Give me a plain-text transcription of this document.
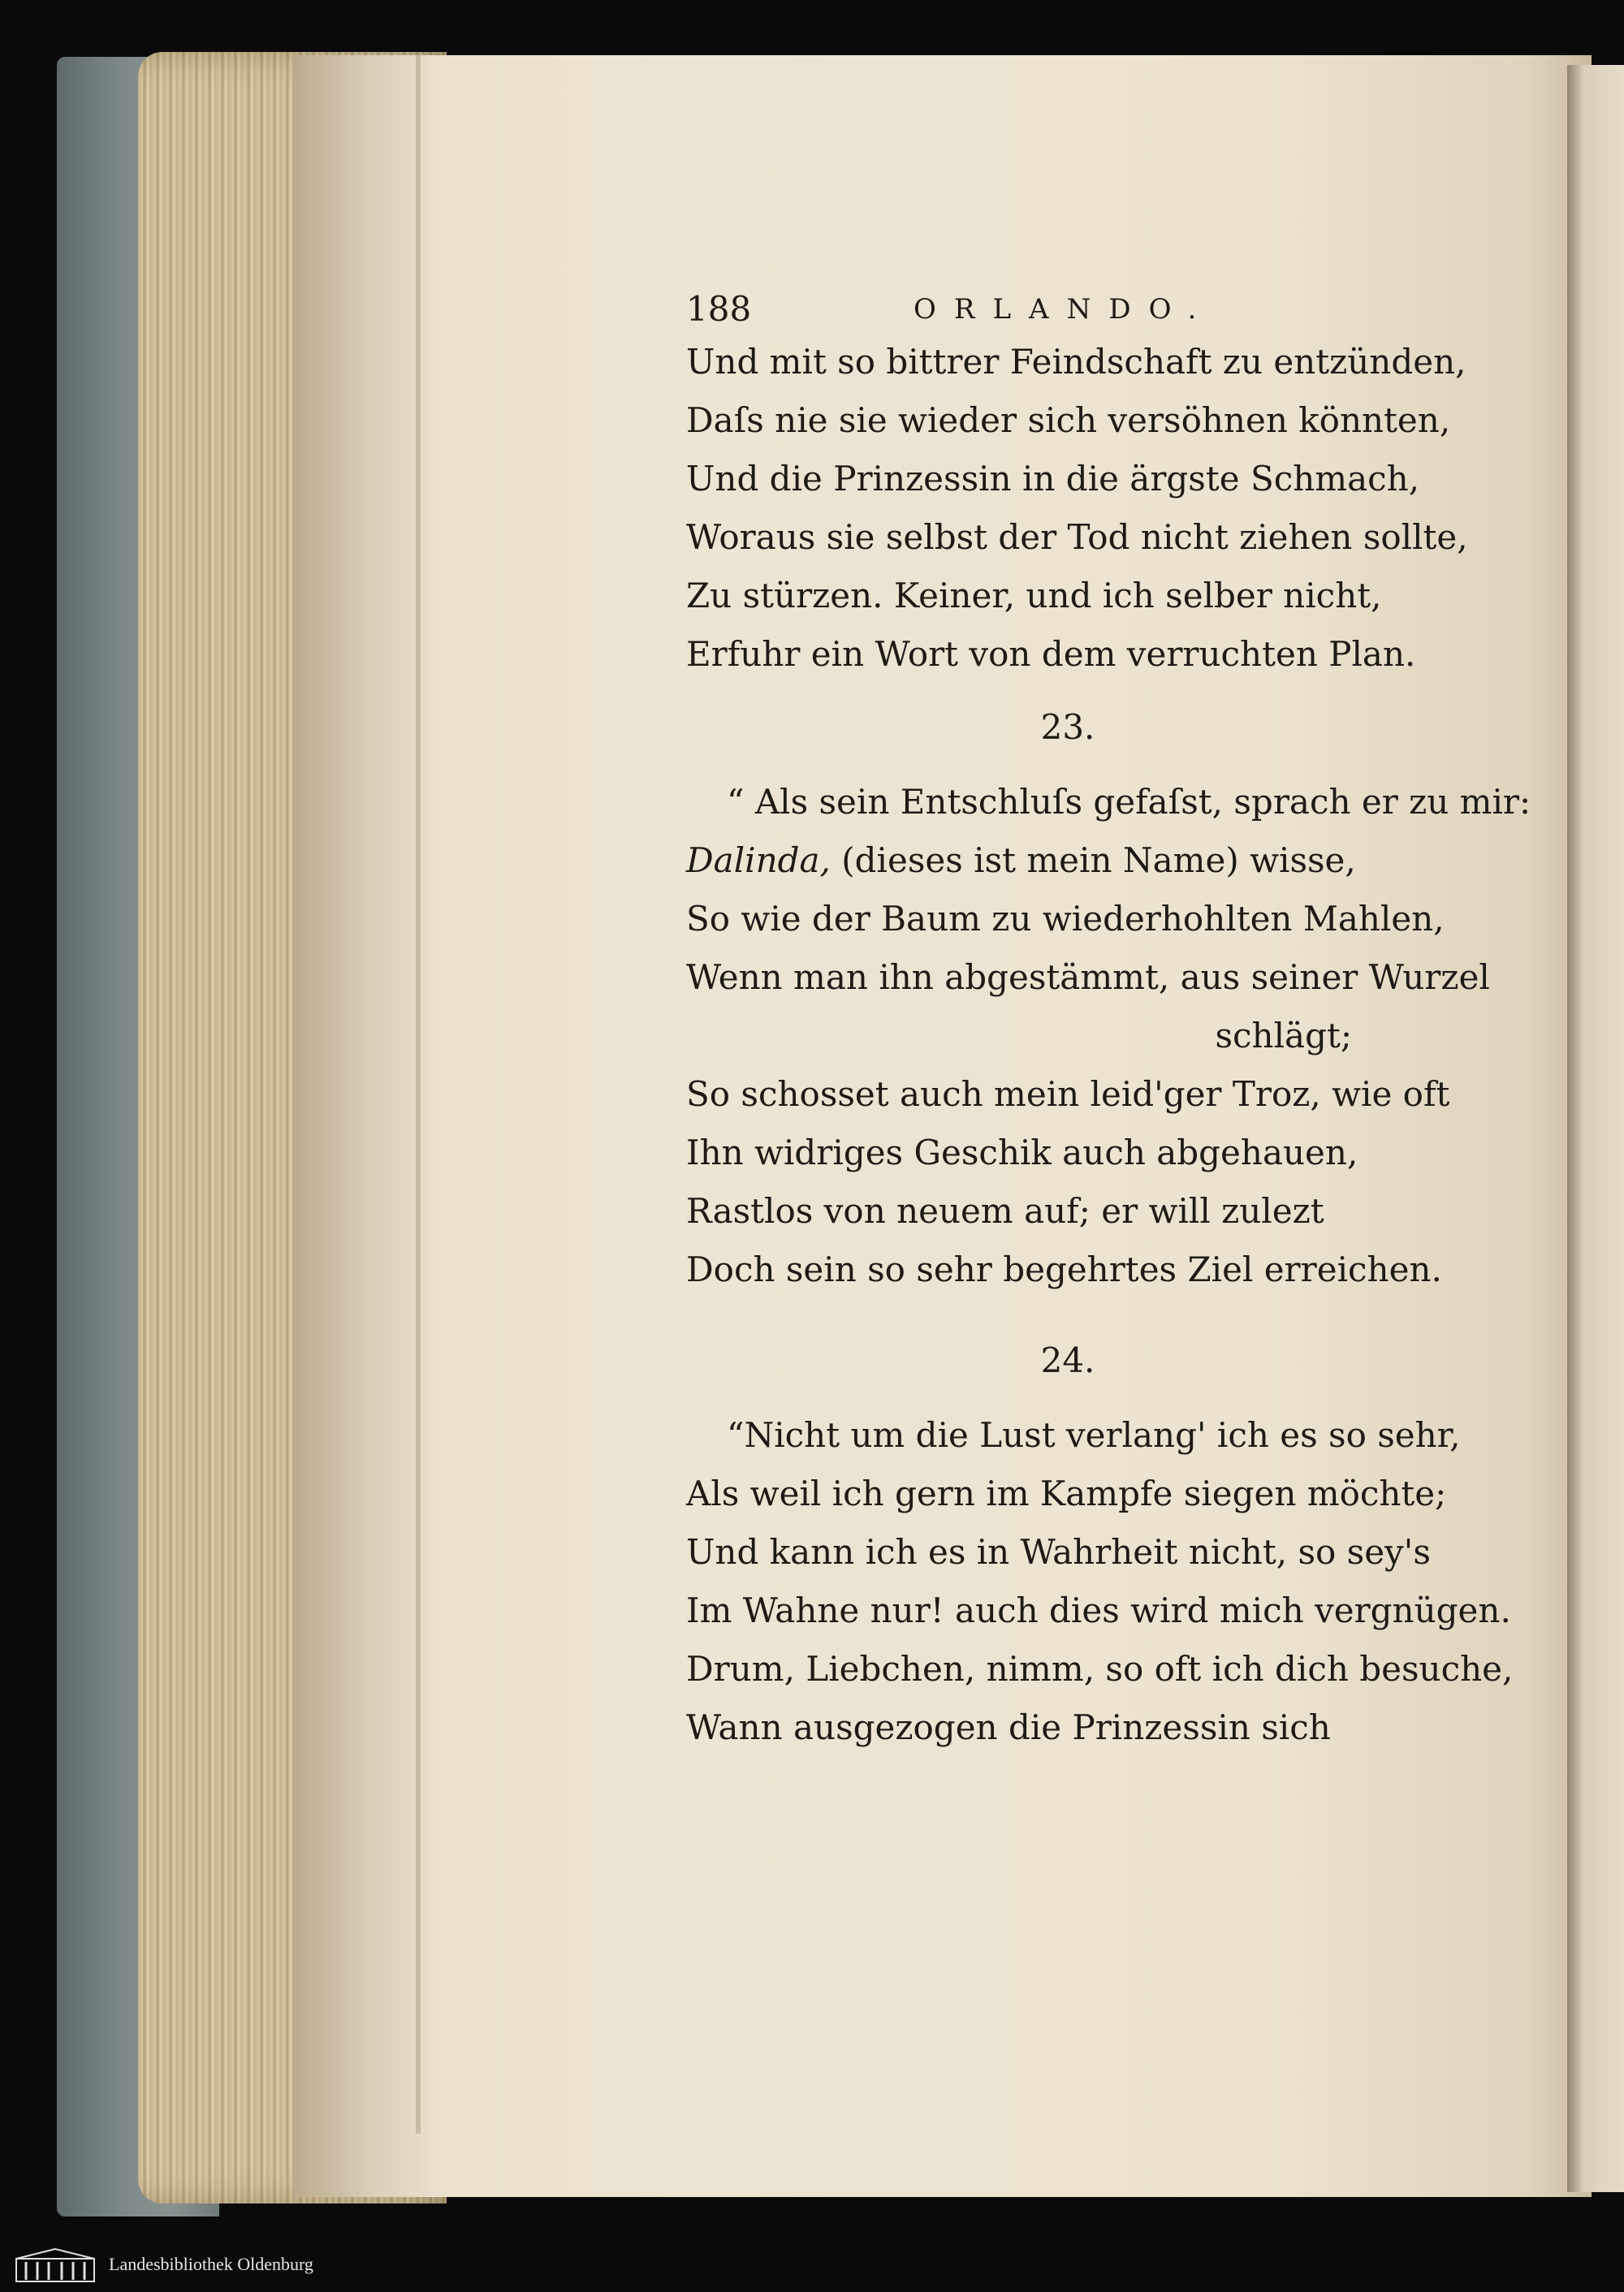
188	ORLANDO.
Und mit so bittrer Feindschaft zu entzünden,
Daſs nie sie wieder sich versöhnen könnten,
Und die Prinzessin in die ärgste Schmach,
Woraus sie selbst der Tod nicht ziehen sollte,
Zu stürzen. Keiner, und ich selber nicht,
Erfuhr ein Wort von dem verruchten Plan.
23.
“ Als sein Entschluſs gefaſst, sprach er zu mir:
Dalinda, (dieses ist mein Name) wisse,
So wie der Baum zu wiederhohlten Mahlen,
Wenn man ihn abgestämmt, aus seiner Wurzel
schlägt;
So schosset auch mein leid'ger Troz, wie oft
Ihn widriges Geschik auch abgehauen,
Rastlos von neuem auf; er will zulezt
Doch sein so sehr begehrtes Ziel erreichen.
24.
“Nicht um die Lust verlang' ich es so sehr,
Als weil ich gern im Kampfe siegen möchte;
Und kann ich es in Wahrheit nicht, so sey's
Im Wahne nur! auch dies wird mich vergnügen.
Drum, Liebchen, nimm, so oft ich dich besuche,
Wann ausgezogen die Prinzessin sich
Landesbibliothek Oldenburg
